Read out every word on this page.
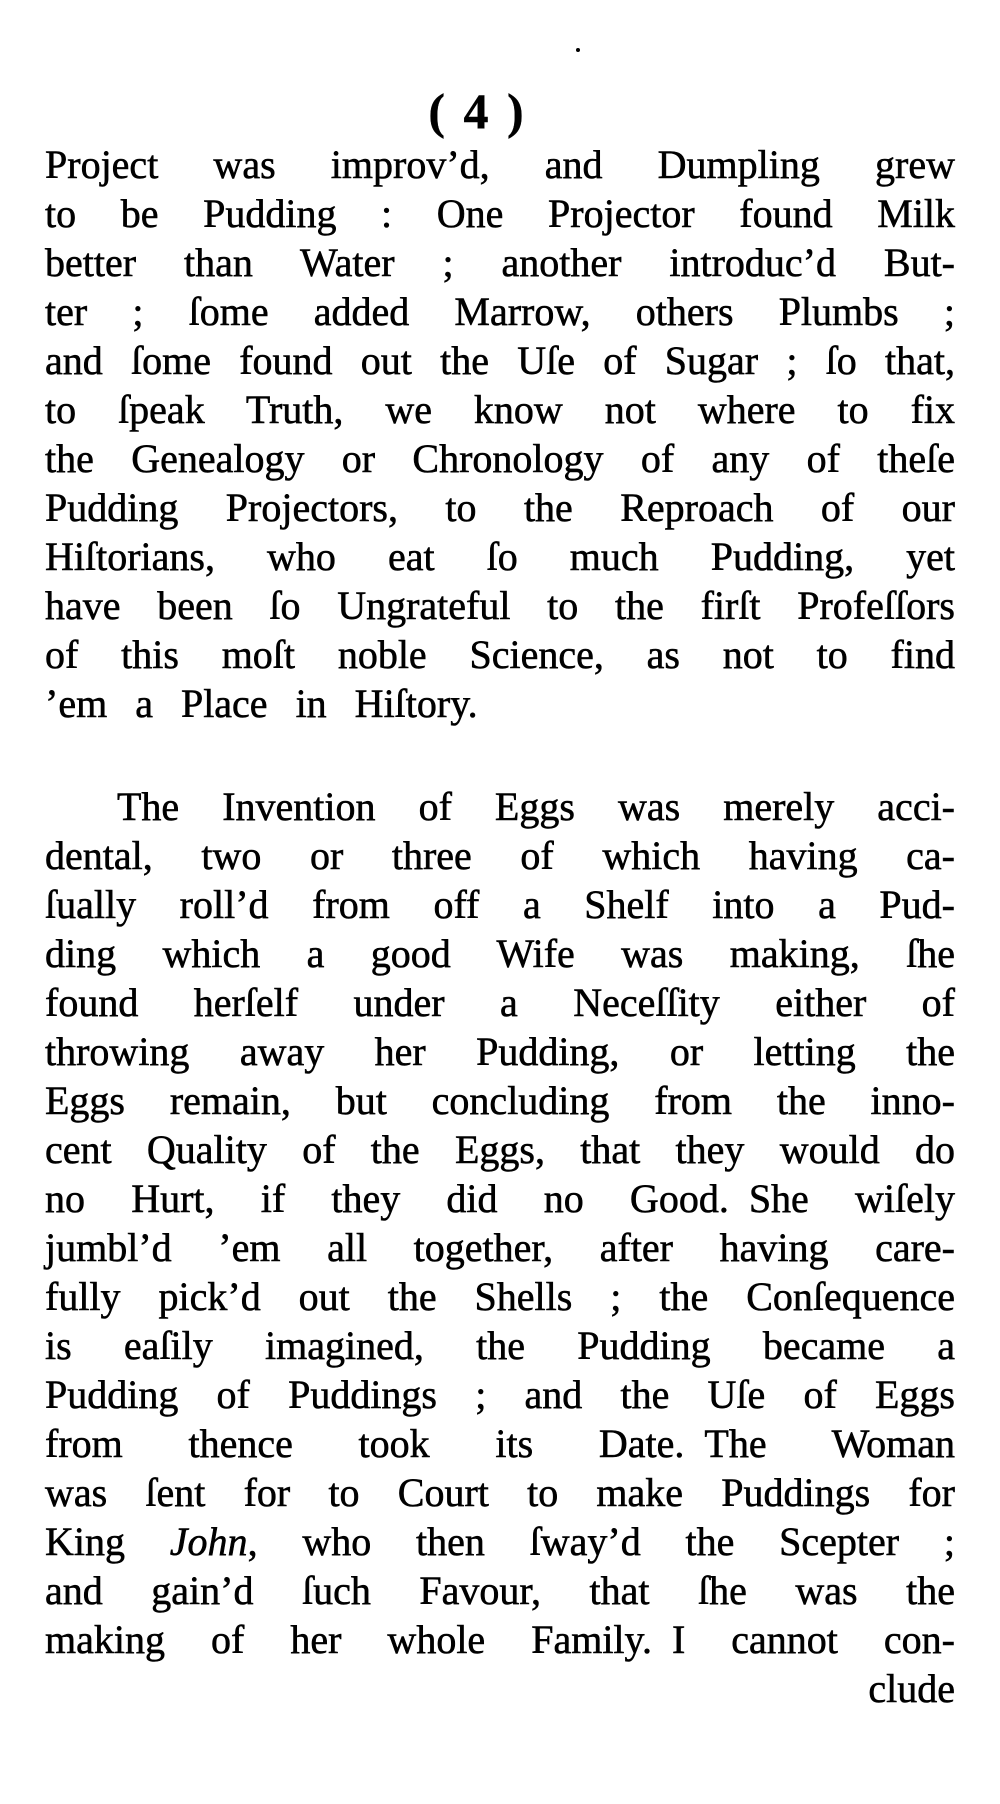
( 4 )
Project was improv’d, and Dumpling grew
to be Pudding : One Projector found Milk
better than Water ; another introduc’d But-
ter ; ſome added Marrow, others Plumbs ;
and ſome found out the Uſe of Sugar ; ſo that,
to ſpeak Truth, we know not where to fix
the Genealogy or Chronology of any of theſe
Pudding Projectors, to the Reproach of our
Hiſtorians, who eat ſo much Pudding, yet
have been ſo Ungrateful to the firſt Profeſſors
of this moſt noble Science, as not to find
’em a Place in Hiſtory.
The Invention of Eggs was merely acci-
dental, two or three of which having ca-
ſually roll’d from off a Shelf into a Pud-
ding which a good Wife was making, ſhe
found herſelf under a Neceſſity either of
throwing away her Pudding, or letting the
Eggs remain, but concluding from the inno-
cent Quality of the Eggs, that they would do
no Hurt, if they did no Good. She wiſely
jumbl’d ’em all together, after having care-
fully pick’d out the Shells ; the Conſequence
is eaſily imagined, the Pudding became a
Pudding of Puddings ; and the Uſe of Eggs
from thence took its Date. The Woman
was ſent for to Court to make Puddings for
King John, who then ſway’d the Scepter ;
and gain’d ſuch Favour, that ſhe was the
making of her whole Family. I cannot con-
clude
